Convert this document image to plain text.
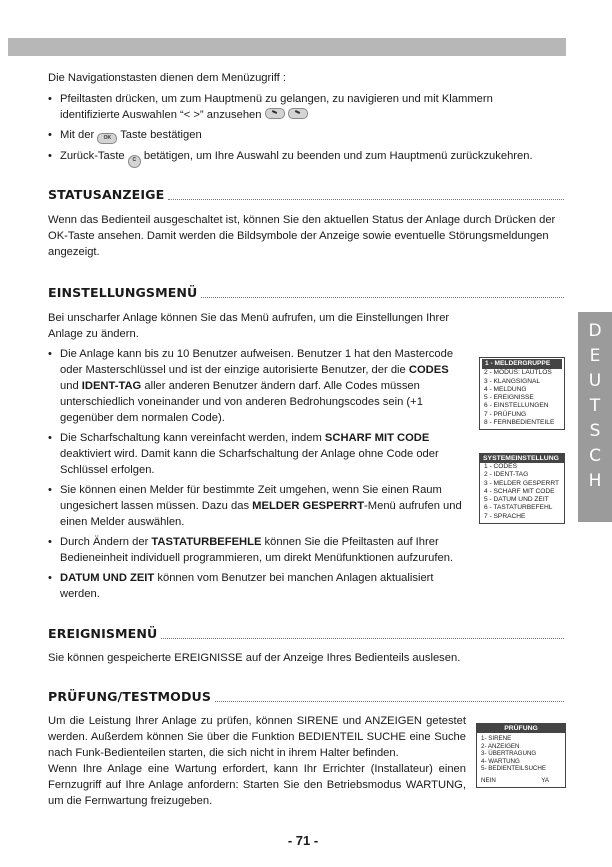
D
E
U
T
S
C
H

Die Navigationstasten dienen dem Menüzugriff :

• Pfeiltasten drücken, um zum Hauptmenü zu gelangen, zu navigieren und mit Klammern identifizierte Auswahlen “< >” anzusehen
• Mit der OK Taste bestätigen
• Zurück-Taste C betätigen, um Ihre Auswahl zu beenden und zum Hauptmenü zurückzukehren.
STATUSANZEIGE

Wenn das Bedienteil ausgeschaltet ist, können Sie den aktuellen Status der Anlage durch Drücken der OK-Taste ansehen. Damit werden die Bildsymbole der Anzeige sowie eventuelle Störungsmeldungen angezeigt.

EINSTELLUNGSMENÜ

Bei unscharfer Anlage können Sie das Menü aufrufen, um die Einstellungen Ihrer Anlage zu ändern.

• Die Anlage kann bis zu 10 Benutzer aufweisen. Benutzer 1 hat den Mastercode oder Masterschlüssel und ist der einzige autorisierte Benutzer, der die CODES und IDENT-TAG aller anderen Benutzer ändern darf. Alle Codes müssen unterschiedlich voneinander und von anderen Bedrohungscodes sein (+1 gegenüber dem normalen Code).
• Die Scharfschaltung kann vereinfacht werden, indem SCHARF MIT CODE deaktiviert wird. Damit kann die Scharfschaltung der Anlage ohne Code oder Schlüssel erfolgen.
• Sie können einen Melder für bestimmte Zeit umgehen, wenn Sie einen Raum ungesichert lassen müssen. Dazu das MELDER GESPERRT-Menü aufrufen und einen Melder auswählen.
• Durch Ändern der TASTATURBEFEHLE können Sie die Pfeiltasten auf Ihrer Bedieneinheit individuell programmieren, um direkt Menüfunktionen aufzurufen.
• DATUM UND ZEIT können vom Benutzer bei manchen Anlagen aktualisiert werden.
1 - MELDERGRUPPE
2 - MODUS: LAUTLOS
3 - KLANGSIGNAL
4 - MELDUNG
5 - EREIGNISSE
6 - EINSTELLUNGEN
7 - PRÜFUNG
8 - FERNBEDIENTEILE
SYSTEMEINSTELLUNG
1 - CODES
2 - IDENT-TAG
3 - MELDER GESPERRT
4 - SCHARF MIT CODE
5 - DATUM UND ZEIT
6 - TASTATURBEFEHL
7 - SPRACHE
EREIGNISMENÜ

Sie können gespeicherte EREIGNISSE auf der Anzeige Ihres Bedienteils auslesen.

PRÜFUNG/TESTMODUS
Um die Leistung Ihrer Anlage zu prüfen, können SIRENE und ANZEIGEN getestet werden. Außerdem können Sie über die Funktion BEDIENTEIL SUCHE eine Suche nach Funk-Bedienteilen starten, die sich nicht in ihrem Halter befinden.
Wenn Ihre Anlage eine Wartung erfordert, kann Ihr Errichter (Installateur) einen Fernzugriff auf Ihre Anlage anfordern: Starten Sie den Betriebsmodus WARTUNG, um die Fernwartung freizugeben.
PRÜFUNG
1- SIRENE
2- ANZEIGEN
3- ÜBERTRAGUNG
4- WARTUNG
5- BEDIENTEILSUCHE
NEIN	YA
- 71 -
